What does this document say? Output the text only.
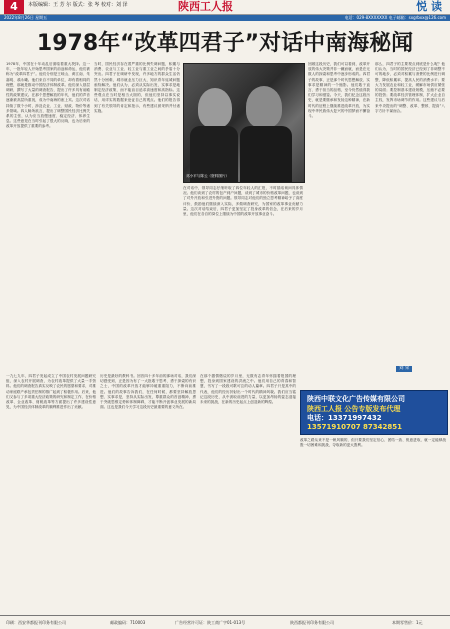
4	本版编辑：王 芳 尔 版式：张 岑 校对：刘 泽	陕西工人报	悦 读
2022年8月26日 星期五	电话：029-8XXXXXXX 电子邮箱：sxgrbxx@126.com
1978年“改革四君子”对话中南海秘闻
1978年，中国在十年动乱后面临着重大抉择。这一年，一批年轻人开始思考国家的前途和命运，他们被称为“改革四君子”。他们分别是王岐山、黄江南、朱嘉明、翁永曦。他们来自不同的单位，却有着相同的理想，那就是推动中国经济体制改革。他们深入基层调研，撰写了大量的调查报告，提出了许多具有前瞻性的政策建议。在那个思想解放的年代，他们的声音逐渐被高层所重视，成为中南海的座上宾。这次对话持续了数个小时，涉及农业、工业、财政、物价等诸多领域。四人畅所欲言，提出了调整国民经济比例关系的主张，认为应当放慢速度、稳定经济、休养生息。这些意见在当时引起了很大的反响，也为后来的改革开放提供了重要的参考。
当时，国民经济存在着严重的比例失调问题，积累与消费、农业与工业、轻工业与重工业之间的矛盾十分突出。四君子在调研中发现，许多地方的群众生活仍然十分困难，城市就业压力巨大，知识青年返城问题亟待解决。他们认为，必须从实际出发，实事求是地制定经济政策，而不能盲目追求高速度和高指标。这些观点在当时是相当大胆的，但他们坚持以事实说话，用详实的数据来论证自己的观点。他们的报告得到了有关领导的肯定和批示，有些建议被采纳并付诸实施。
邓小平与陈云（资料图片）
在对话中，领导同志仔细听取了四位年轻人的汇报，不时插话询问具体情况。他们谈到了农村的包产到户问题，谈到了城市的价格改革问题，也谈到了对外开放和引进外资的问题。领导同志对他们的独立思考精神给予了高度评价，鼓励他们继续深入实际，多做调查研究，为国家的改革事业贡献力量。这次对话结束后，四君子更加坚定了投身改革的信念，在后来的岁月里，他们在各自的岗位上继续为中国的改革开放事业奋斗。
回顾这段历史，我们可以看到，改革开放的伟大决策并非一蹴而就，而是在无数人的探索和思考中逐步形成的。四君子的故事，正是那个时代思想解放、实事求是精神的一个缩影。他们敢于直言、勇于担当的品格，至今仍然值得我们学习和借鉴。今天，我们纪念这段历史，就是要继承和发扬这种精神，在新时代的征程上继续推进改革开放，为实现中华民族伟大复兴的中国梦而不懈奋斗。
那么，四君子的主要观点到底是什么呢？他们认为，当时的国民经济已经到了非调整不可的地步，必须对积累与消费的比例进行调整，降低积累率，提高人民的消费水平；要大力发展农业和轻工业，缓解市场供应紧张的局面；要控制基本建设规模，压缩不必要的投资；要改革经济管理体制，扩大企业自主权，发挥市场调节的作用。这些建议与后来中央提出的“调整、改革、整顿、提高”八字方针不谋而合。
刘 荣
一九七九年，四君子发起成立了中国农村发展问题研究组，深入农村开展调查，为农村改革提供了大量一手资料。他们的调查报告真实反映了农民的愿望和要求，对推动家庭联产承包责任制的推广起到了积极作用。后来，他们又参与了多项重大经济政策的研究和制定工作，在价格改革、企业改革、财税改革等方面提出了许多建设性意见，为中国经济体制改革的顺利推进作出了贡献。
历史是最好的教科书。回首四十多年前的那场对话，我们深切感受到，正是因为有了一大批敢于思考、勇于探索的有识之士，中国的改革开放才能够冲破重重阻力，不断向前推进。他们的故事告诉我们，在任何时候，都要坚持解放思想、实事求是，坚持从实际出发，尊重群众的首创精神，勇于突破思维定势和体制障碍，才能不断开创事业发展的新局面。这也是我们今天学习这段历史最重要的意义所在。
在那个激情燃烧的岁月里，无数有志青年怀揣着报国的理想，投身到国家建设的洪流之中。他们用自己的青春和智慧，书写了一段段可歌可泣的动人篇章。四君子只是其中的代表，他们的经历折射出一个时代的精神风貌。我们应当铭记这段历史，从中汲取前进的力量，以更加昂扬的姿态迎接未来的挑战，在新的历史起点上创造新的辉煌。	陕西中联文化广告传媒有限公司
陕西工人报 公告专版发布代理
电话：13371997432
13571910707 87342851
改革之路从来不是一帆风顺的，但只要我们坚定信心、团结一致、锐意进取，就一定能够战胜一切困难和挑战，夺取新的更大胜利。
印刷：西安华都报刊印务有限公司	邮政编码：710003	广告经营许可证：陕工商广字01-013号	陕西都报刊印务有限公司	本期零售价：1元
